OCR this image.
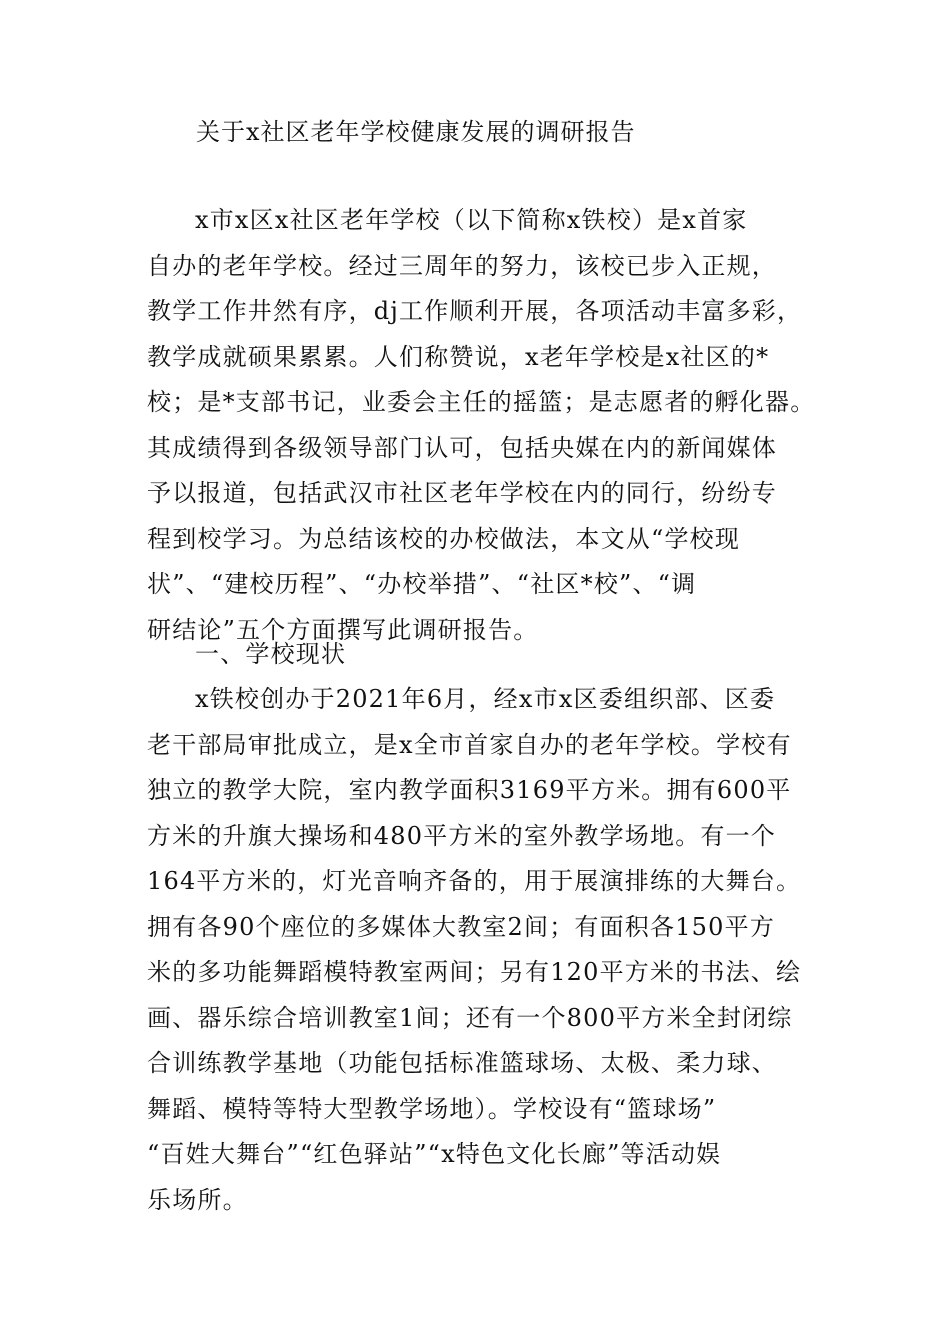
关于x社区老年学校健康发展的调研报告
x市x区x社区老年学校（以下简称x铁校）是x首家
自办的老年学校。经过三周年的努力，该校已步入正规，
教学工作井然有序，dj工作顺利开展，各项活动丰富多彩，
教学成就硕果累累。人们称赞说，x老年学校是x社区的*
校；是*支部书记，业委会主任的摇篮；是志愿者的孵化器。
其成绩得到各级领导部门认可，包括央媒在内的新闻媒体
予以报道，包括武汉市社区老年学校在内的同行，纷纷专
程到校学习。为总结该校的办校做法，本文从“学校现
状”、“建校历程”、“办校举措”、“社区*校”、“调
研结论”五个方面撰写此调研报告。
一、学校现状
x铁校创办于2021年6月，经x市x区委组织部、区委
老干部局审批成立，是x全市首家自办的老年学校。学校有
独立的教学大院，室内教学面积3169平方米。拥有600平
方米的升旗大操场和480平方米的室外教学场地。有一个
164平方米的，灯光音响齐备的，用于展演排练的大舞台。
拥有各90个座位的多媒体大教室2间；有面积各150平方
米的多功能舞蹈模特教室两间；另有120平方米的书法、绘
画、器乐综合培训教室1间；还有一个800平方米全封闭综
合训练教学基地（功能包括标准篮球场、太极、柔力球、
舞蹈、模特等特大型教学场地）。学校设有“篮球场”
“百姓大舞台”“红色驿站”“x特色文化长廊”等活动娱
乐场所。
